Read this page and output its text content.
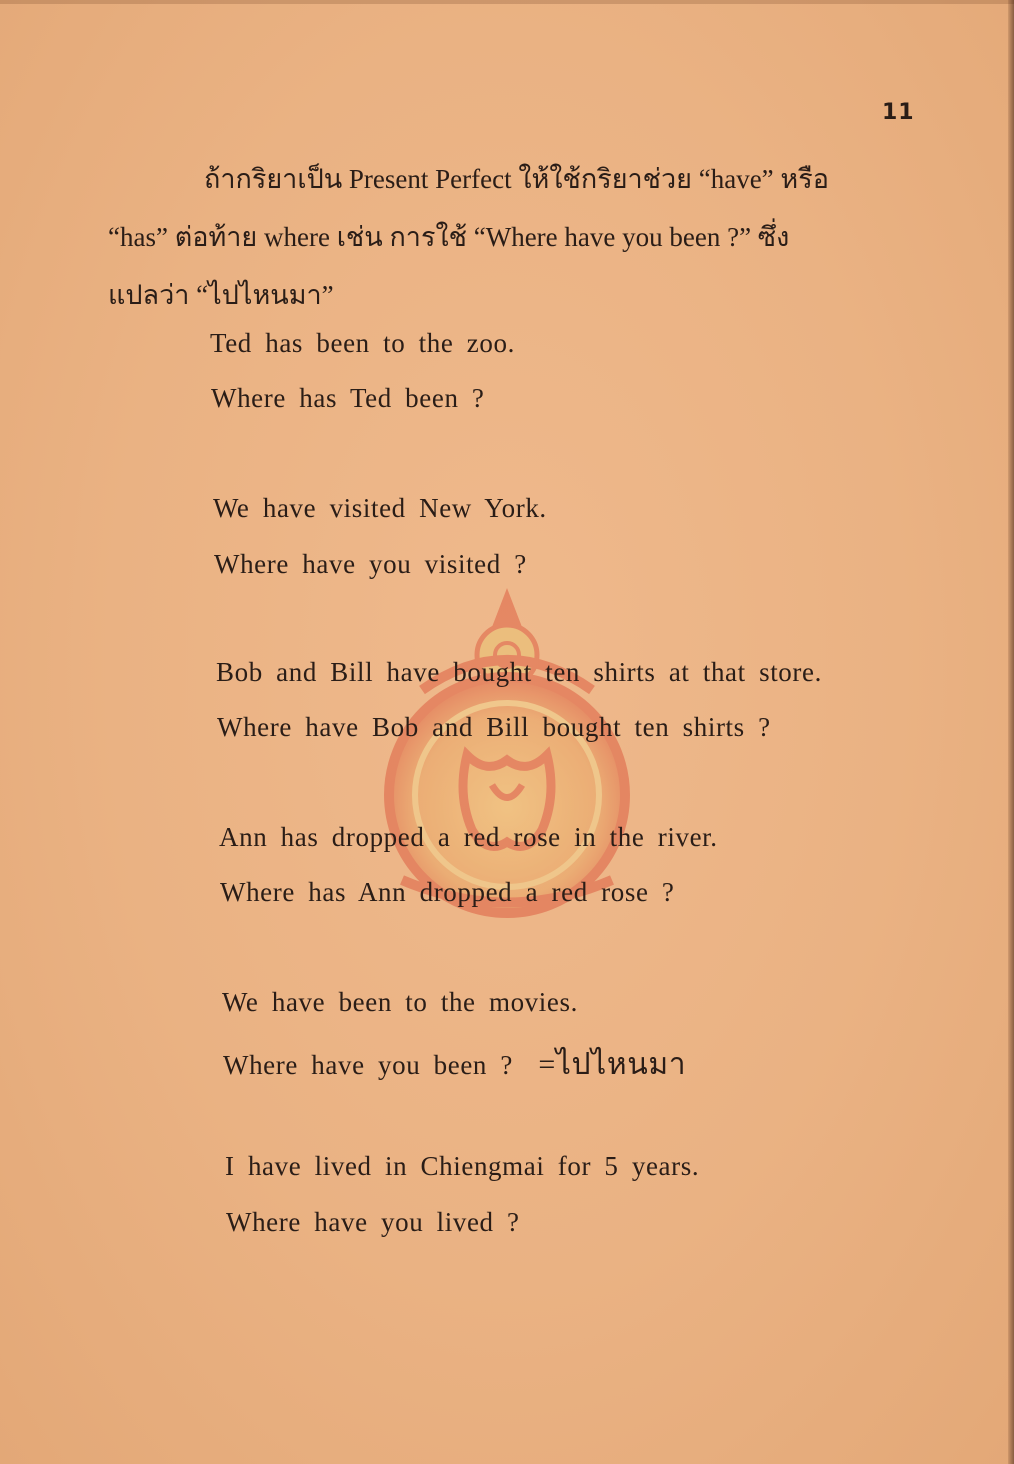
11
ถ้ากริยาเป็น Present Perfect ให้ใช้กริยาช่วย “have” หรือ
“has” ต่อท้าย where เช่น การใช้ “Where have you been ?” ซึ่ง
แปลว่า “ไปไหนมา”
Ted has been to the zoo.
Where has Ted been ?
We have visited New York.
Where have you visited ?
Bob and Bill have bought ten shirts at that store.
Where have Bob and Bill bought ten shirts ?
Ann has dropped a red rose in the river.
Where has Ann dropped a red rose ?
We have been to the movies.
Where have you been ? =ไปไหนมา
I have lived in Chiengmai for 5 years.
Where have you lived ?
